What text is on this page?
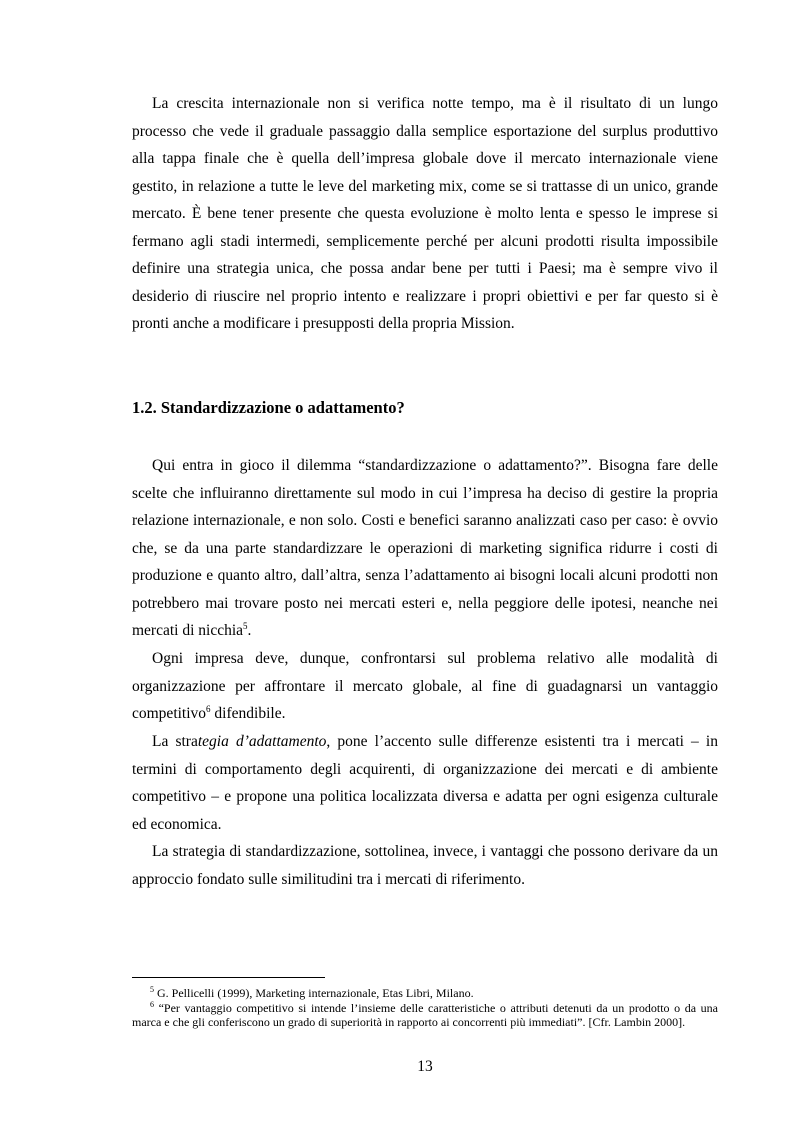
La crescita internazionale non si verifica notte tempo, ma è il risultato di un lungo processo che vede il graduale passaggio dalla semplice esportazione del surplus produttivo alla tappa finale che è quella dell’impresa globale dove il mercato internazionale viene gestito, in relazione a tutte le leve del marketing mix, come se si trattasse di un unico, grande mercato. È bene tener presente che questa evoluzione è molto lenta e spesso le imprese si fermano agli stadi intermedi, semplicemente perché per alcuni prodotti risulta impossibile definire una strategia unica, che possa andar bene per tutti i Paesi; ma è sempre vivo il desiderio di riuscire nel proprio intento e realizzare i propri obiettivi e per far questo si è pronti anche a modificare i presupposti della propria Mission.

1.2. Standardizzazione o adattamento?

Qui entra in gioco il dilemma “standardizzazione o adattamento?”. Bisogna fare delle scelte che influiranno direttamente sul modo in cui l’impresa ha deciso di gestire la propria relazione internazionale, e non solo. Costi e benefici saranno analizzati caso per caso: è ovvio che, se da una parte standardizzare le operazioni di marketing significa ridurre i costi di produzione e quanto altro, dall’altra, senza l’adattamento ai bisogni locali alcuni prodotti non potrebbero mai trovare posto nei mercati esteri e, nella peggiore delle ipotesi, neanche nei mercati di nicchia$^5$.

Ogni impresa deve, dunque, confrontarsi sul problema relativo alle modalità di organizzazione per affrontare il mercato globale, al fine di guadagnarsi un vantaggio competitivo$^6$ difendibile.

La strategia d’adattamento, pone l’accento sulle differenze esistenti tra i mercati – in termini di comportamento degli acquirenti, di organizzazione dei mercati e di ambiente competitivo – e propone una politica localizzata diversa e adatta per ogni esigenza culturale ed economica.

La strategia di standardizzazione, sottolinea, invece, i vantaggi che possono derivare da un approccio fondato sulle similitudini tra i mercati di riferimento.

$^5$ G. Pellicelli (1999), Marketing internazionale, Etas Libri, Milano.

$^6$ “Per vantaggio competitivo si intende l’insieme delle caratteristiche o attributi detenuti da un prodotto o da una marca e che gli conferiscono un grado di superiorità in rapporto ai concorrenti più immediati”. [Cfr. Lambin 2000].

13
